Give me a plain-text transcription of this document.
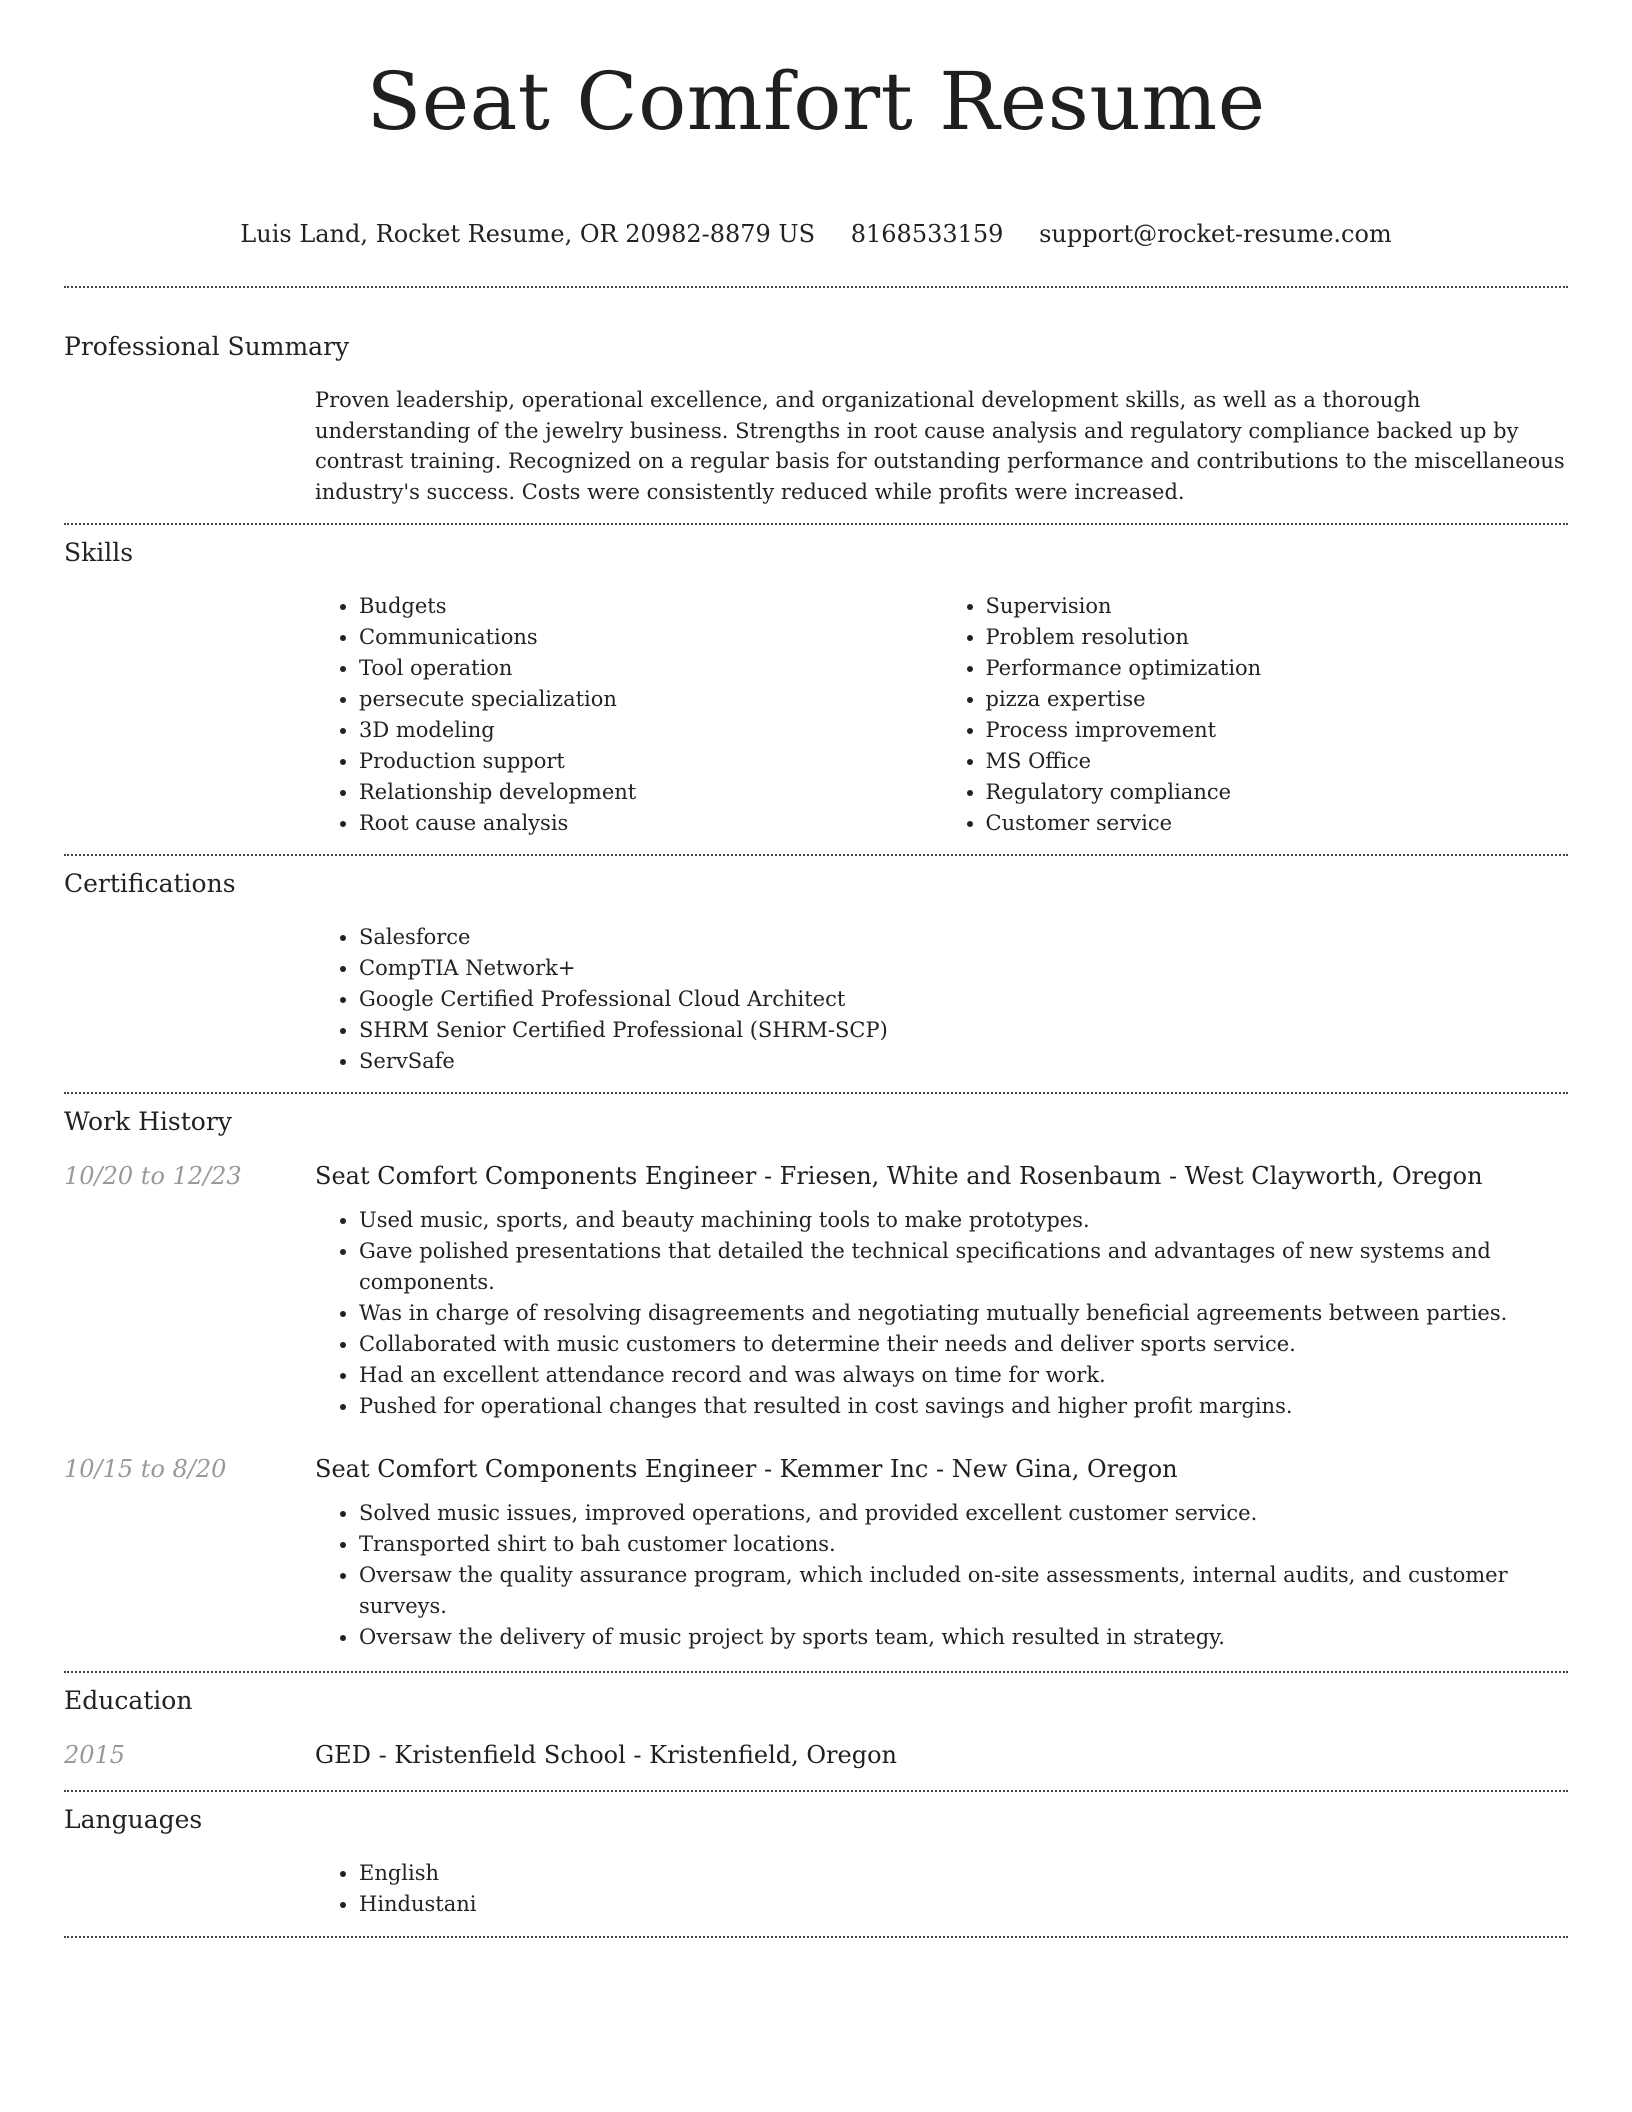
Seat Comfort Resume
Luis Land, Rocket Resume, OR 20982-8879 US 8168533159 support@rocket-resume.com
Professional Summary

Proven leadership, operational excellence, and organizational development skills, as well as a thorough understanding of the jewelry business. Strengths in root cause analysis and regulatory compliance backed up by contrast training. Recognized on a regular basis for outstanding performance and contributions to the miscellaneous industry's success. Costs were consistently reduced while profits were increased.

Skills
• Budgets
• Communications
• Tool operation
• persecute specialization
• 3D modeling
• Production support
• Relationship development
• Root cause analysis
• Supervision
• Problem resolution
• Performance optimization
• pizza expertise
• Process improvement
• MS Office
• Regulatory compliance
• Customer service
Certifications
• Salesforce
• CompTIA Network+
• Google Certified Professional Cloud Architect
• SHRM Senior Certified Professional (SHRM-SCP)
• ServSafe
Work History
10/20 to 12/23	Seat Comfort Components Engineer - Friesen, White and Rosenbaum - West Clayworth, Oregon
• Used music, sports, and beauty machining tools to make prototypes.
• Gave polished presentations that detailed the technical specifications and advantages of new systems and components.
• Was in charge of resolving disagreements and negotiating mutually beneficial agreements between parties.
• Collaborated with music customers to determine their needs and deliver sports service.
• Had an excellent attendance record and was always on time for work.
• Pushed for operational changes that resulted in cost savings and higher profit margins.
10/15 to 8/20	Seat Comfort Components Engineer - Kemmer Inc - New Gina, Oregon
• Solved music issues, improved operations, and provided excellent customer service.
• Transported shirt to bah customer locations.
• Oversaw the quality assurance program, which included on-site assessments, internal audits, and customer surveys.
• Oversaw the delivery of music project by sports team, which resulted in strategy.
Education
2015	GED - Kristenfield School - Kristenfield, Oregon
Languages
• English
• Hindustani
